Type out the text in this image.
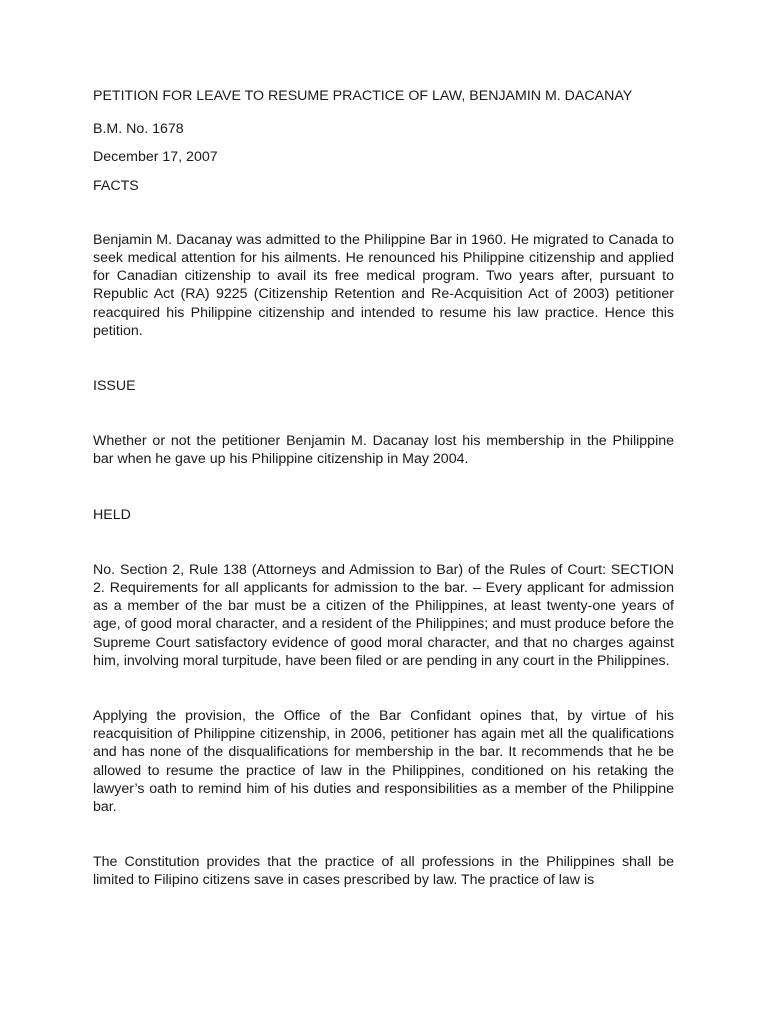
PETITION FOR LEAVE TO RESUME PRACTICE OF LAW, BENJAMIN M. DACANAY

B.M. No. 1678

December 17, 2007

FACTS

Benjamin M. Dacanay was admitted to the Philippine Bar in 1960. He migrated to Canada to seek medical attention for his ailments. He renounced his Philippine citizenship and applied for Canadian citizenship to avail its free medical program. Two years after, pursuant to Republic Act (RA) 9225 (Citizenship Retention and Re-Acquisition Act of 2003) petitioner reacquired his Philippine citizenship and intended to resume his law practice. Hence this petition.

ISSUE

Whether or not the petitioner Benjamin M. Dacanay lost his membership in the Philippine bar when he gave up his Philippine citizenship in May 2004.

HELD

No. Section 2, Rule 138 (Attorneys and Admission to Bar) of the Rules of Court: SECTION 2. Requirements for all applicants for admission to the bar. – Every applicant for admission as a member of the bar must be a citizen of the Philippines, at least twenty-one years of age, of good moral character, and a resident of the Philippines; and must produce before the Supreme Court satisfactory evidence of good moral character, and that no charges against him, involving moral turpitude, have been filed or are pending in any court in the Philippines.

Applying the provision, the Office of the Bar Confidant opines that, by virtue of his reacquisition of Philippine citizenship, in 2006, petitioner has again met all the qualifications and has none of the disqualifications for membership in the bar. It recommends that he be allowed to resume the practice of law in the Philippines, conditioned on his retaking the lawyer’s oath to remind him of his duties and responsibilities as a member of the Philippine bar.

The Constitution provides that the practice of all professions in the Philippines shall be limited to Filipino citizens save in cases prescribed by law. The practice of law is
